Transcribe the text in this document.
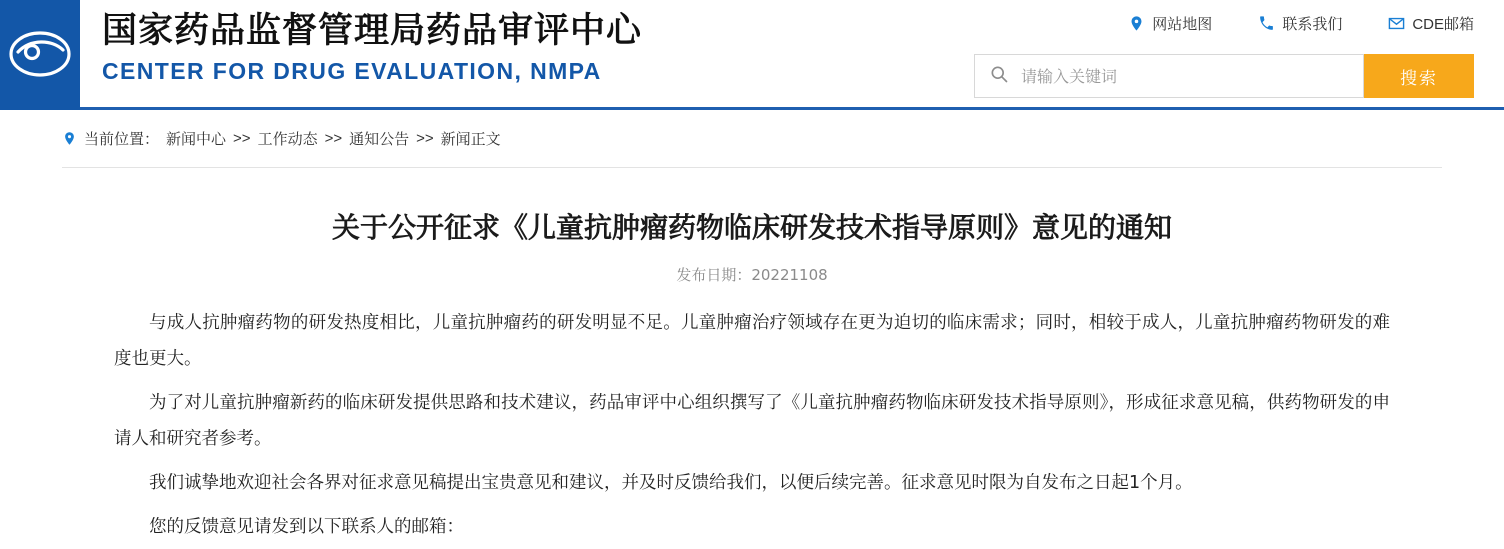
国家药品监督管理局药品审评中心
CENTER FOR DRUG EVALUATION, NMPA
网站地图	联系我们	CDE邮箱
请输入关键词
搜索
当前位置： 新闻中心 >> 工作动态 >> 通知公告 >> 新闻正文
关于公开征求《儿童抗肿瘤药物临床研发技术指导原则》意见的通知
发布日期：20221108

与成人抗肿瘤药物的研发热度相比，儿童抗肿瘤药的研发明显不足。儿童肿瘤治疗领域存在更为迫切的临床需求；同时，相较于成人，儿童抗肿瘤药物研发的难度也更大。

为了对儿童抗肿瘤新药的临床研发提供思路和技术建议，药品审评中心组织撰写了《儿童抗肿瘤药物临床研发技术指导原则》，形成征求意见稿，供药物研发的申请人和研究者参考。

我们诚挚地欢迎社会各界对征求意见稿提出宝贵意见和建议，并及时反馈给我们，以便后续完善。征求意见时限为自发布之日起1个月。

您的反馈意见请发到以下联系人的邮箱：
